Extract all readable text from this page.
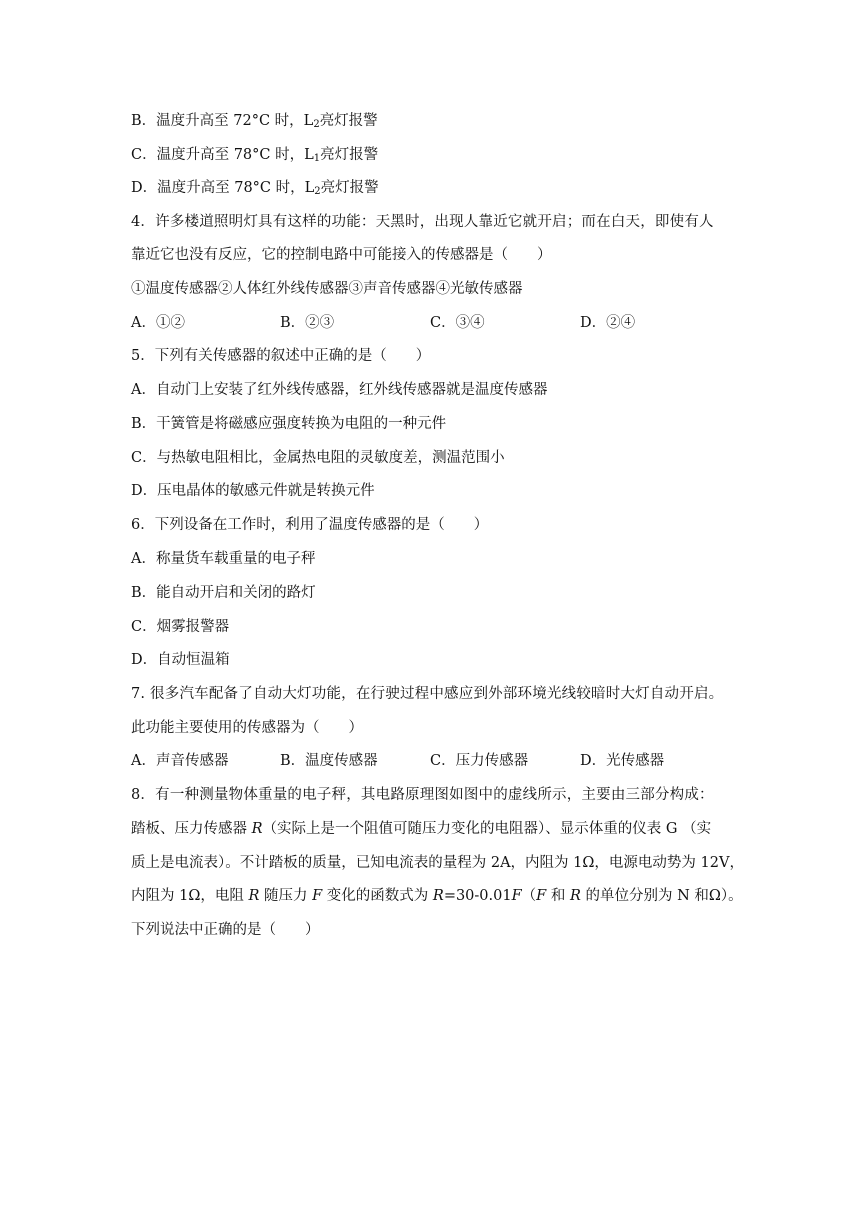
B．温度升高至 72°C 时，$L_2$亮灯报警
C．温度升高至 78°C 时，$L_1$亮灯报警
D．温度升高至 78°C 时，$L_2$亮灯报警
4．许多楼道照明灯具有这样的功能：天黑时，出现人靠近它就开启；而在白天，即使有人
靠近它也没有反应，它的控制电路中可能接入的传感器是（　　）
①温度传感器②人体红外线传感器③声音传感器④光敏传感器
A．①②	B．②③	C．③④	D．②④
5．下列有关传感器的叙述中正确的是（　　）
A．自动门上安装了红外线传感器，红外线传感器就是温度传感器
B．干簧管是将磁感应强度转换为电阻的一种元件
C．与热敏电阻相比，金属热电阻的灵敏度差，测温范围小
D．压电晶体的敏感元件就是转换元件
6．下列设备在工作时，利用了温度传感器的是（　　）
A．称量货车载重量的电子秤
B．能自动开启和关闭的路灯
C．烟雾报警器
D．自动恒温箱
7. 很多汽车配备了自动大灯功能，在行驶过程中感应到外部环境光线较暗时大灯自动开启。
此功能主要使用的传感器为（　　）
A．声音传感器	B．温度传感器	C．压力传感器	D．光传感器
8．有一种测量物体重量的电子秤，其电路原理图如图中的虚线所示，主要由三部分构成：
踏板、压力传感器 R（实际上是一个阻值可随压力变化的电阻器）、显示体重的仪表 G （实
质上是电流表）。不计踏板的质量，已知电流表的量程为 2A，内阻为 1Ω，电源电动势为 12V，
内阻为 1Ω，电阻 R 随压力 F 变化的函数式为 R=30-0.01F（F 和 R 的单位分别为 N 和Ω）。
下列说法中正确的是（　　）
